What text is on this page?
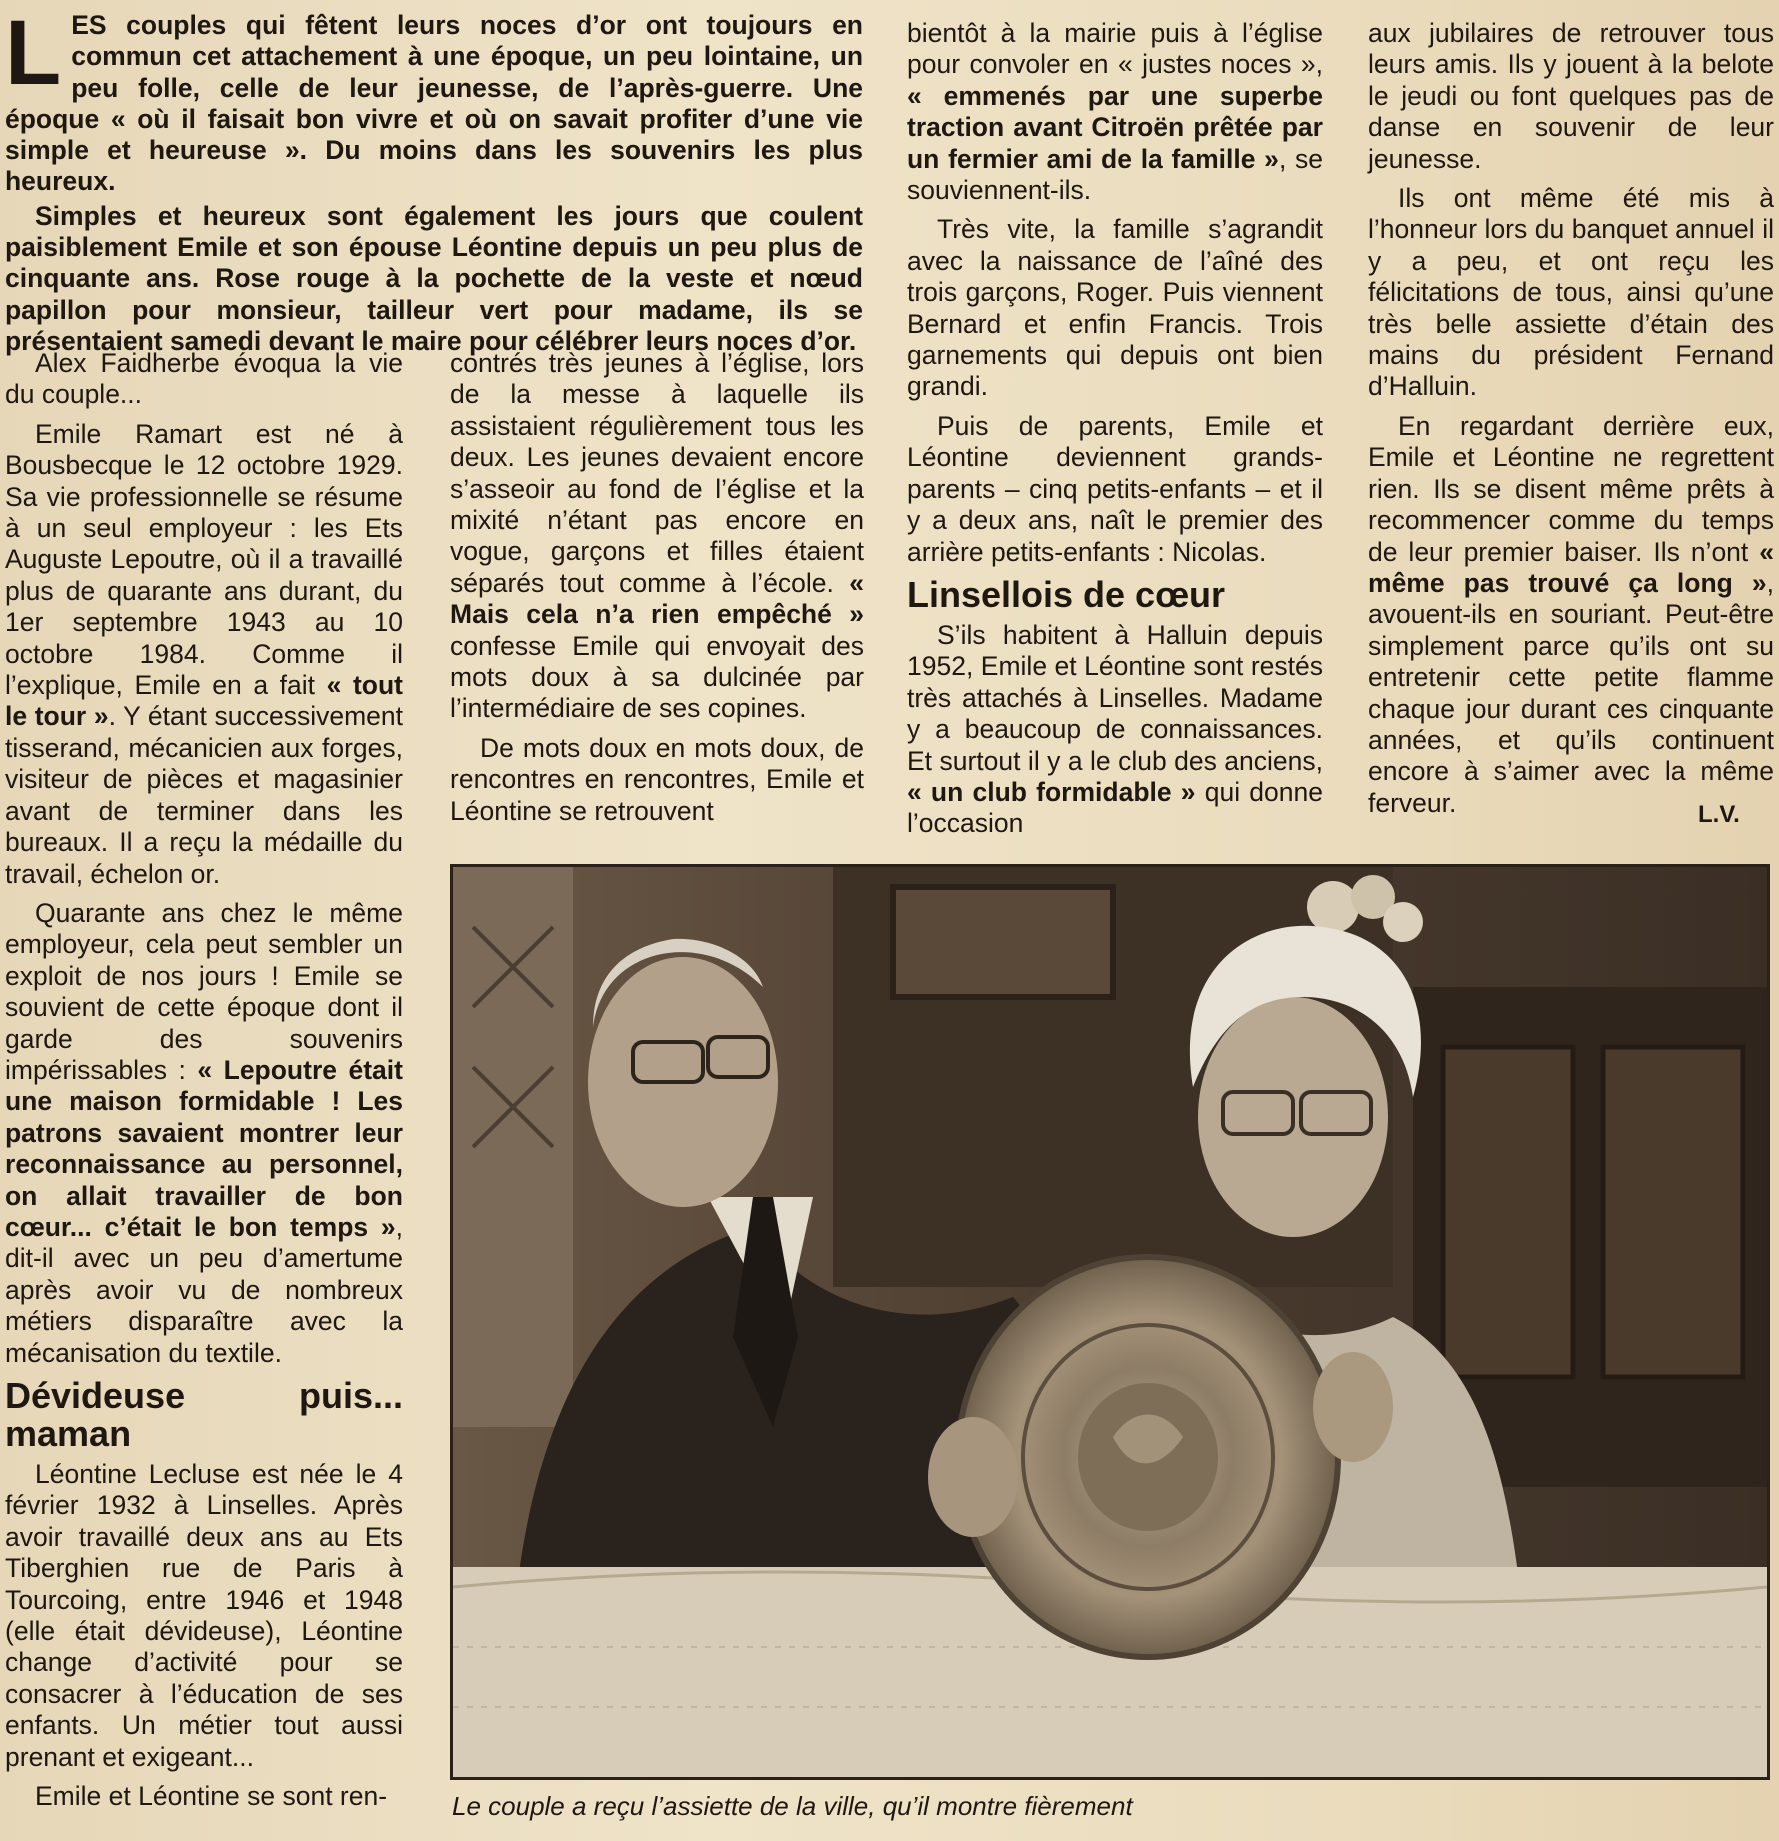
L ES couples qui fêtent leurs noces d’or ont toujours en commun cet attachement à une époque, un peu lointaine, un peu folle, celle de leur jeunesse, de l’après-guerre. Une époque « où il faisait bon vivre et où on savait profiter d’une vie simple et heureuse ». Du moins dans les souvenirs les plus heureux.

Simples et heureux sont également les jours que coulent paisiblement Emile et son épouse Léontine depuis un peu plus de cinquante ans. Rose rouge à la pochette de la veste et nœud papillon pour monsieur, tailleur vert pour madame, ils se présentaient samedi devant le maire pour célébrer leurs noces d’or.

Alex Faidherbe évoqua la vie du couple...

Emile Ramart est né à Bousbecque le 12 octobre 1929. Sa vie professionnelle se résume à un seul employeur : les Ets Auguste Lepoutre, où il a travaillé plus de quarante ans durant, du 1er septembre 1943 au 10 octobre 1984. Comme il l’explique, Emile en a fait « tout le tour ». Y étant successivement tisserand, mécanicien aux forges, visiteur de pièces et magasinier avant de terminer dans les bureaux. Il a reçu la médaille du travail, échelon or.

Quarante ans chez le même employeur, cela peut sembler un exploit de nos jours ! Emile se souvient de cette époque dont il garde des souvenirs impérissables : « Lepoutre était une maison formidable ! Les patrons savaient montrer leur reconnaissance au personnel, on allait travailler de bon cœur... c’était le bon temps », dit-il avec un peu d’amertume après avoir vu de nombreux métiers disparaître avec la mécanisation du textile.

Dévideuse puis... maman

Léontine Lecluse est née le 4 février 1932 à Linselles. Après avoir travaillé deux ans au Ets Tiberghien rue de Paris à Tourcoing, entre 1946 et 1948 (elle était dévideuse), Léontine change d’activité pour se consacrer à l’éducation de ses enfants. Un métier tout aussi prenant et exigeant...

Emile et Léontine se sont ren-

contrés très jeunes à l’église, lors de la messe à laquelle ils assistaient régulièrement tous les deux. Les jeunes devaient encore s’asseoir au fond de l’église et la mixité n’étant pas encore en vogue, garçons et filles étaient séparés tout comme à l’école. « Mais cela n’a rien empêché » confesse Emile qui envoyait des mots doux à sa dulcinée par l’intermédiaire de ses copines.

De mots doux en mots doux, de rencontres en rencontres, Emile et Léontine se retrouvent

bientôt à la mairie puis à l’église pour convoler en « justes noces », « emmenés par une superbe traction avant Citroën prêtée par un fermier ami de la famille », se souviennent-ils.

Très vite, la famille s’agrandit avec la naissance de l’aîné des trois garçons, Roger. Puis viennent Bernard et enfin Francis. Trois garnements qui depuis ont bien grandi.

Puis de parents, Emile et Léontine deviennent grands-parents – cinq petits-enfants – et il y a deux ans, naît le premier des arrière petits-enfants : Nicolas.

Linsellois de cœur

S’ils habitent à Halluin depuis 1952, Emile et Léontine sont restés très attachés à Linselles. Madame y a beaucoup de connaissances. Et surtout il y a le club des anciens, « un club formidable » qui donne l’occasion

aux jubilaires de retrouver tous leurs amis. Ils y jouent à la belote le jeudi ou font quelques pas de danse en souvenir de leur jeunesse.

Ils ont même été mis à l’honneur lors du banquet annuel il y a peu, et ont reçu les félicitations de tous, ainsi qu’une très belle assiette d’étain des mains du président Fernand d’Halluin.

En regardant derrière eux, Emile et Léontine ne regrettent rien. Ils se disent même prêts à recommencer comme du temps de leur premier baiser. Ils n’ont « même pas trouvé ça long », avouent-ils en souriant. Peut-être simplement parce qu’ils ont su entretenir cette petite flamme chaque jour durant ces cinquante années, et qu’ils continuent encore à s’aimer avec la même ferveur.	L.V.
Le couple a reçu l’assiette de la ville, qu’il montre fièrement
